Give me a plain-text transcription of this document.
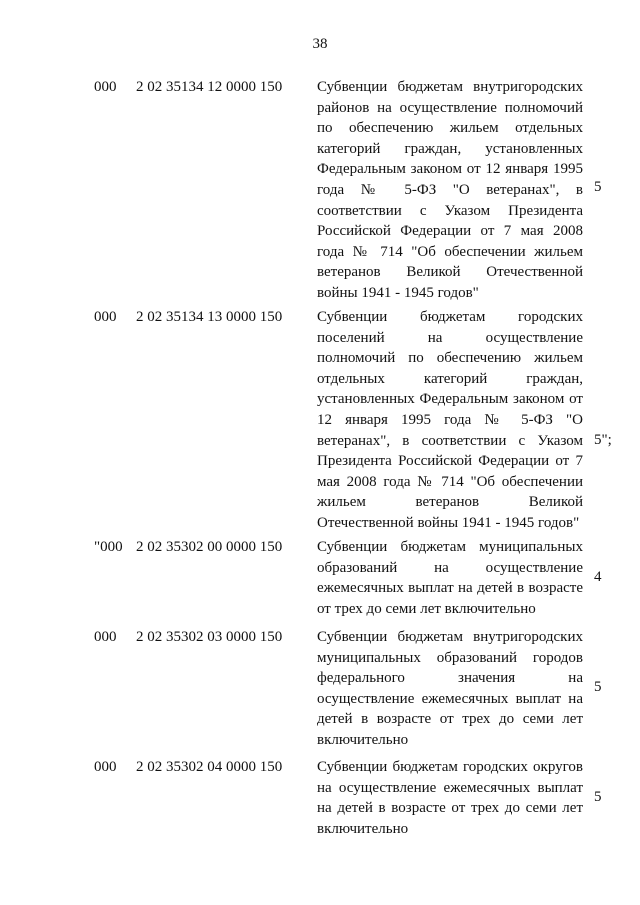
38
000 2 02 35134 12 0000 150 Субвенции бюджетам внутригородских районов на осуществление полномочий по обеспечению жильем отдельных категорий граждан, установленных Федеральным законом от 12 января 1995 года № 5-ФЗ "О ветеранах", в соответствии с Указом Президента Российской Федерации от 7 мая 2008 года № 714 "Об обеспечении жильем ветеранов Великой Отечественной войны 1941 - 1945 годов"
5
000 2 02 35134 13 0000 150 Субвенции бюджетам городских поселений на осуществление полномочий по обеспечению жильем отдельных категорий граждан, установленных Федеральным законом от 12 января 1995 года № 5-ФЗ "О ветеранах", в соответствии с Указом Президента Российской Федерации от 7 мая 2008 года № 714 "Об обеспечении жильем ветеранов Великой Отечественной войны 1941 - 1945 годов"
5";
"000 2 02 35302 00 0000 150 Субвенции бюджетам муниципальных образований на осуществление ежемесячных выплат на детей в возрасте от трех до семи лет включительно
4
000 2 02 35302 03 0000 150 Субвенции бюджетам внутригородских муниципальных образований городов федерального значения на осуществление ежемесячных выплат на детей в возрасте от трех до семи лет включительно
5
000 2 02 35302 04 0000 150 Субвенции бюджетам городских округов на осуществление ежемесячных выплат на детей в возрасте от трех до семи лет включительно
5
